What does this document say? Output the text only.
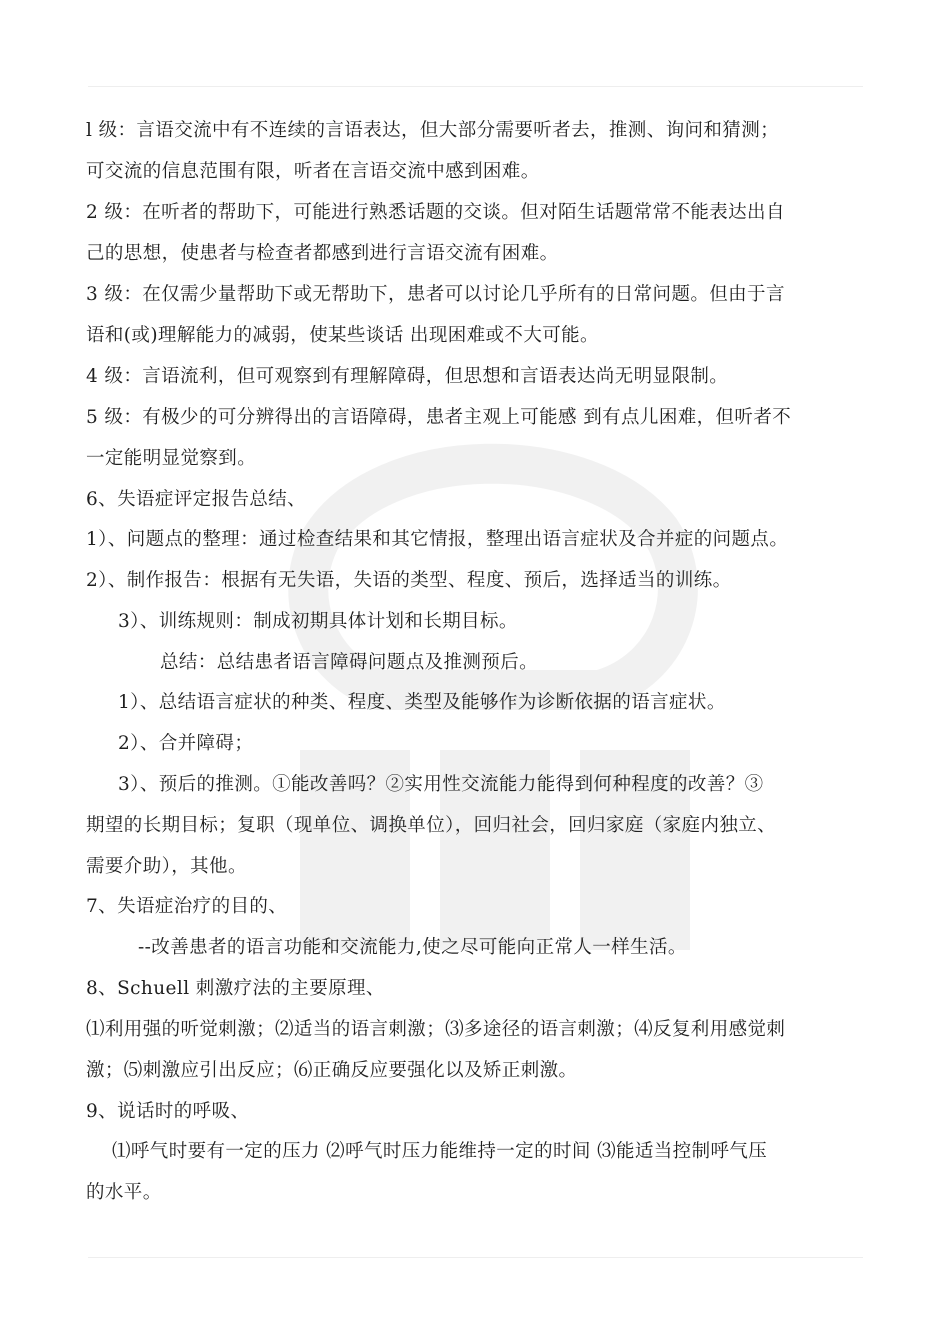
l 级：言语交流中有不连续的言语表达，但大部分需要听者去，推测、询问和猜测；
可交流的信息范围有限，听者在言语交流中感到困难。
2 级：在听者的帮助下，可能进行熟悉话题的交谈。但对陌生话题常常不能表达出自
己的思想，使患者与检查者都感到进行言语交流有困难。
3 级：在仅需少量帮助下或无帮助下，患者可以讨论几乎所有的日常问题。但由于言
语和(或)理解能力的减弱，使某些谈话 出现困难或不大可能。
4 级：言语流利，但可观察到有理解障碍，但思想和言语表达尚无明显限制。
5 级：有极少的可分辨得出的言语障碍，患者主观上可能感 到有点儿困难，但听者不
一定能明显觉察到。
6、失语症评定报告总结、
1）、问题点的整理：通过检查结果和其它情报，整理出语言症状及合并症的问题点。
2）、制作报告：根据有无失语，失语的类型、程度、预后，选择适当的训练。
3）、训练规则：制成初期具体计划和长期目标。
总结：总结患者语言障碍问题点及推测预后。
1）、总结语言症状的种类、程度、类型及能够作为诊断依据的语言症状。
2）、合并障碍；
3）、预后的推测。①能改善吗？②实用性交流能力能得到何种程度的改善？③
期望的长期目标；复职（现单位、调换单位），回归社会，回归家庭（家庭内独立、
需要介助），其他。
7、失语症治疗的目的、
--改善患者的语言功能和交流能力,使之尽可能向正常人一样生活。
8、Schuell 刺激疗法的主要原理、
⑴利用强的听觉刺激；⑵适当的语言刺激；⑶多途径的语言刺激；⑷反复利用感觉刺
激；⑸刺激应引出反应；⑹正确反应要强化以及矫正刺激。
9、说话时的呼吸、
⑴呼气时要有一定的压力 ⑵呼气时压力能维持一定的时间 ⑶能适当控制呼气压
的水平。
